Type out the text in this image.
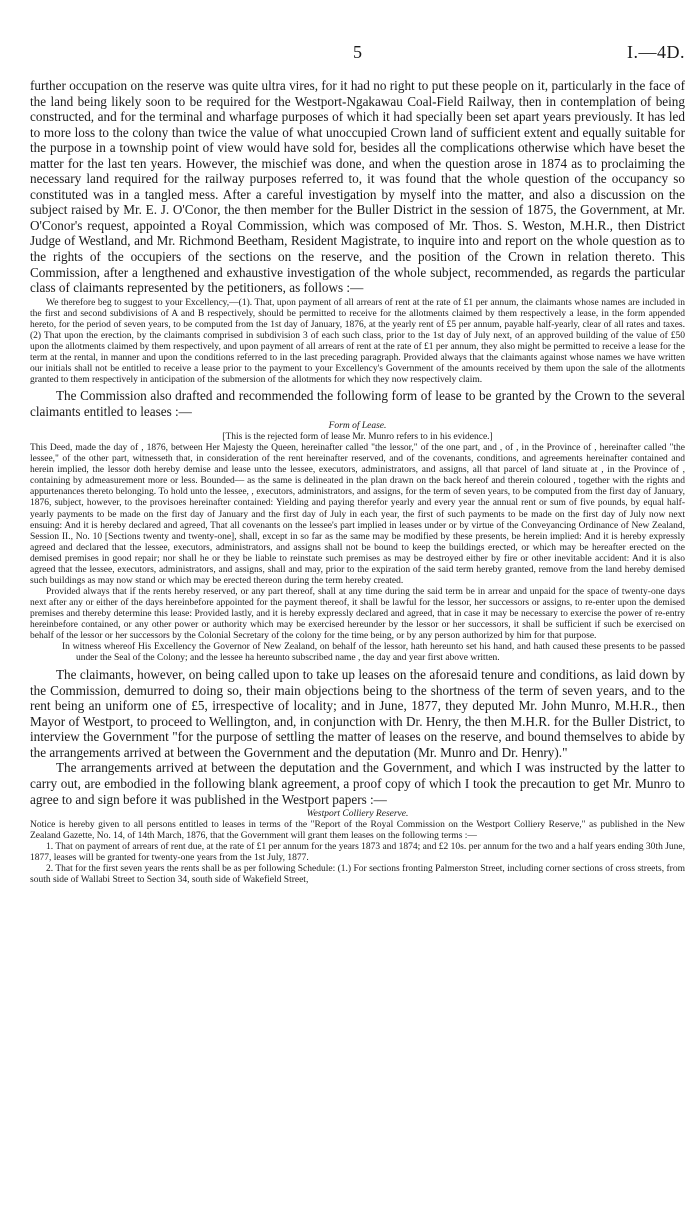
5	I.—4D.

further occupation on the reserve was quite ultra vires, for it had no right to put these people on it, particularly in the face of the land being likely soon to be required for the Westport-Ngakawau Coal-Field Railway, then in contemplation of being constructed, and for the terminal and wharfage purposes of which it had specially been set apart years previously. It has led to more loss to the colony than twice the value of what unoccupied Crown land of sufficient extent and equally suitable for the purpose in a township point of view would have sold for, besides all the complications otherwise which have beset the matter for the last ten years. However, the mischief was done, and when the question arose in 1874 as to proclaiming the necessary land required for the railway purposes referred to, it was found that the whole question of the occupancy so constituted was in a tangled mess. After a careful investigation by myself into the matter, and also a discussion on the subject raised by Mr. E. J. O'Conor, the then member for the Buller District in the session of 1875, the Government, at Mr. O'Conor's request, appointed a Royal Commission, which was composed of Mr. Thos. S. Weston, M.H.R., then District Judge of Westland, and Mr. Richmond Beetham, Resident Magistrate, to inquire into and report on the whole question as to the rights of the occupiers of the sections on the reserve, and the position of the Crown in relation thereto. This Commission, after a lengthened and exhaustive investigation of the whole subject, recommended, as regards the particular class of claimants represented by the petitioners, as follows :—

We therefore beg to suggest to your Excellency,—(1). That, upon payment of all arrears of rent at the rate of £1 per annum, the claimants whose names are included in the first and second subdivisions of A and B respectively, should be permitted to receive for the allotments claimed by them respectively a lease, in the form appended hereto, for the period of seven years, to be computed from the 1st day of January, 1876, at the yearly rent of £5 per annum, payable half-yearly, clear of all rates and taxes. (2) That upon the erection, by the claimants comprised in subdivision 3 of each such class, prior to the 1st day of July next, of an approved building of the value of £50 upon the allotments claimed by them respectively, and upon payment of all arrears of rent at the rate of £1 per annum, they also might be permitted to receive a lease for the term at the rental, in manner and upon the conditions referred to in the last preceding paragraph. Provided always that the claimants against whose names we have written our initials shall not be entitled to receive a lease prior to the payment to your Excellency's Government of the amounts received by them upon the sale of the allotments granted to them respectively in anticipation of the submersion of the allotments for which they now respectively claim.

The Commission also drafted and recommended the following form of lease to be granted by the Crown to the several claimants entitled to leases :—

Form of Lease.

[This is the rejected form of lease Mr. Munro refers to in his evidence.]

This Deed, made the day of , 1876, between Her Majesty the Queen, hereinafter called "the lessor," of the one part, and , of , in the Province of , hereinafter called "the lessee," of the other part, witnesseth that, in consideration of the rent hereinafter reserved, and of the covenants, conditions, and agreements hereinafter contained and herein implied, the lessor doth hereby demise and lease unto the lessee, executors, administrators, and assigns, all that parcel of land situate at , in the Province of , containing by admeasurement more or less. Bounded— as the same is delineated in the plan drawn on the back hereof and therein coloured , together with the rights and appurtenances thereto belonging. To hold unto the lessee, , executors, administrators, and assigns, for the term of seven years, to be computed from the first day of January, 1876, subject, however, to the provisoes hereinafter contained: Yielding and paying therefor yearly and every year the annual rent or sum of five pounds, by equal half-yearly payments to be made on the first day of January and the first day of July in each year, the first of such payments to be made on the first day of July now next ensuing: And it is hereby declared and agreed, That all covenants on the lessee's part implied in leases under or by virtue of the Conveyancing Ordinance of New Zealand, Session II., No. 10 [Sections twenty and twenty-one], shall, except in so far as the same may be modified by these presents, be herein implied: And it is hereby expressly agreed and declared that the lessee, executors, administrators, and assigns shall not be bound to keep the buildings erected, or which may be hereafter erected on the demised premises in good repair; nor shall he or they be liable to reinstate such premises as may be destroyed either by fire or other inevitable accident: And it is also agreed that the lessee, executors, administrators, and assigns, shall and may, prior to the expiration of the said term hereby granted, remove from the land hereby demised such buildings as may now stand or which may be erected thereon during the term hereby created.

Provided always that if the rents hereby reserved, or any part thereof, shall at any time during the said term be in arrear and unpaid for the space of twenty-one days next after any or either of the days hereinbefore appointed for the payment thereof, it shall be lawful for the lessor, her successors or assigns, to re-enter upon the demised premises and thereby determine this lease: Provided lastly, and it is hereby expressly declared and agreed, that in case it may be necessary to exercise the power of re-entry hereinbefore contained, or any other power or authority which may be exercised hereunder by the lessor or her successors, it shall be sufficient if such be exercised on behalf of the lessor or her successors by the Colonial Secretary of the colony for the time being, or by any person authorized by him for that purpose.

In witness whereof His Excellency the Governor of New Zealand, on behalf of the lessor, hath hereunto set his hand, and hath caused these presents to be passed under the Seal of the Colony; and the lessee ha hereunto subscribed name , the day and year first above written.

The claimants, however, on being called upon to take up leases on the aforesaid tenure and conditions, as laid down by the Commission, demurred to doing so, their main objections being to the shortness of the term of seven years, and to the rent being an uniform one of £5, irrespective of locality; and in June, 1877, they deputed Mr. John Munro, M.H.R., then Mayor of Westport, to proceed to Wellington, and, in conjunction with Dr. Henry, the then M.H.R. for the Buller District, to interview the Government "for the purpose of settling the matter of leases on the reserve, and bound themselves to abide by the arrangements arrived at between the Government and the deputation (Mr. Munro and Dr. Henry)."

The arrangements arrived at between the deputation and the Government, and which I was instructed by the latter to carry out, are embodied in the following blank agreement, a proof copy of which I took the precaution to get Mr. Munro to agree to and sign before it was published in the Westport papers :—

Westport Colliery Reserve.

Notice is hereby given to all persons entitled to leases in terms of the "Report of the Royal Commission on the Westport Colliery Reserve," as published in the New Zealand Gazette, No. 14, of 14th March, 1876, that the Government will grant them leases on the following terms :—

1. That on payment of arrears of rent due, at the rate of £1 per annum for the years 1873 and 1874; and £2 10s. per annum for the two and a half years ending 30th June, 1877, leases will be granted for twenty-one years from the 1st July, 1877.

2. That for the first seven years the rents shall be as per following Schedule: (1.) For sections fronting Palmerston Street, including corner sections of cross streets, from south side of Wallabi Street to Section 34, south side of Wakefield Street,
